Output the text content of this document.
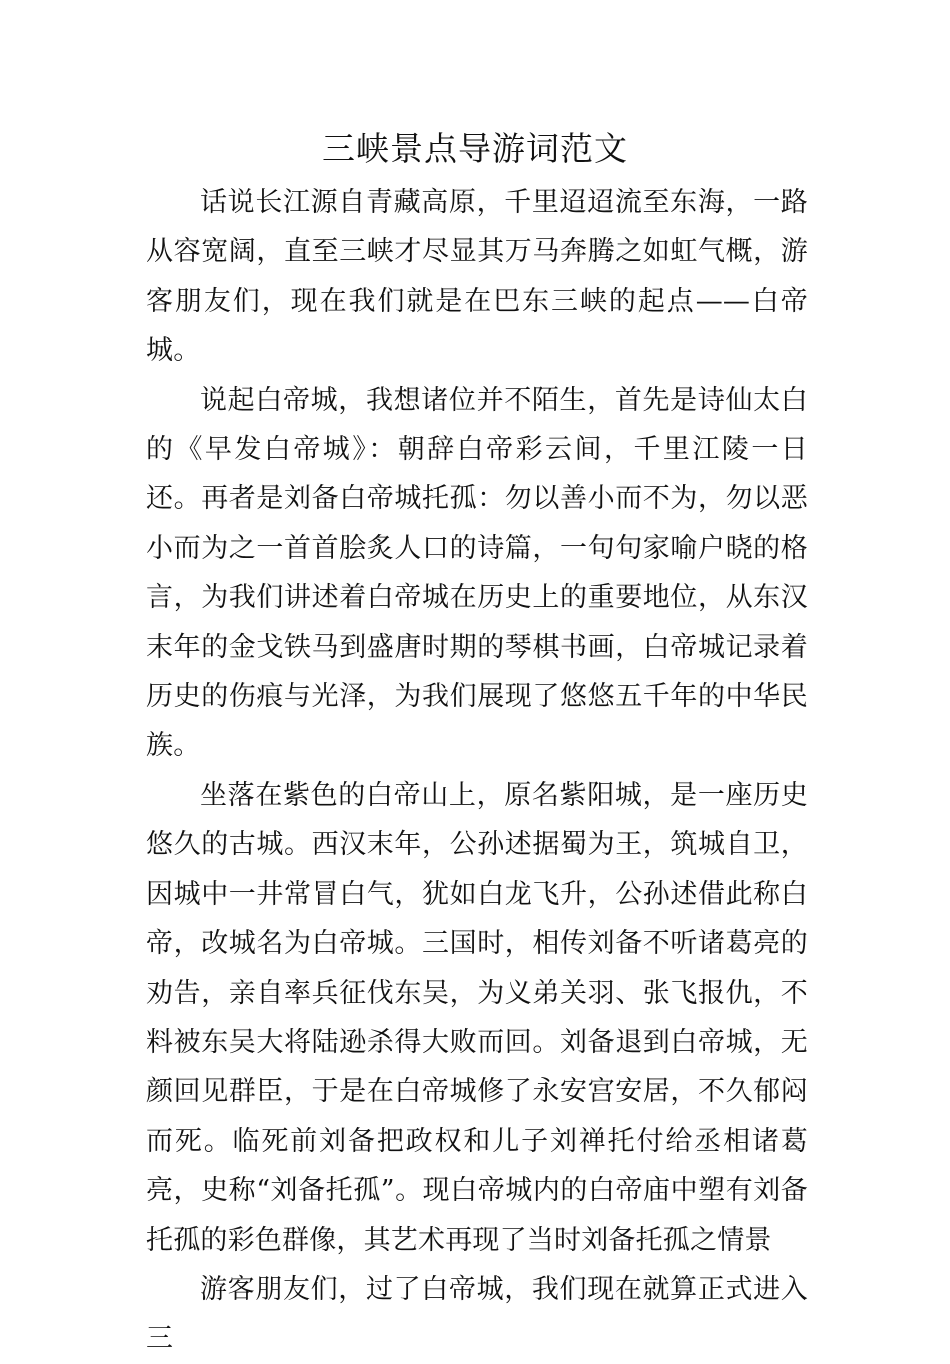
三峡景点导游词范文

话说长江源自青藏高原，千里迢迢流至东海，一路从容宽阔，直至三峡才尽显其万马奔腾之如虹气概，游客朋友们，现在我们就是在巴东三峡的起点——白帝城。

说起白帝城，我想诸位并不陌生，首先是诗仙太白的《早发白帝城》：朝辞白帝彩云间，千里江陵一日还。再者是刘备白帝城托孤：勿以善小而不为，勿以恶小而为之一首首脍炙人口的诗篇，一句句家喻户晓的格言，为我们讲述着白帝城在历史上的重要地位，从东汉末年的金戈铁马到盛唐时期的琴棋书画，白帝城记录着历史的伤痕与光泽，为我们展现了悠悠五千年的中华民族。

坐落在紫色的白帝山上，原名紫阳城，是一座历史悠久的古城。西汉末年，公孙述据蜀为王，筑城自卫，因城中一井常冒白气，犹如白龙飞升，公孙述借此称白帝，改城名为白帝城。三国时，相传刘备不听诸葛亮的劝告，亲自率兵征伐东吴，为义弟关羽、张飞报仇，不料被东吴大将陆逊杀得大败而回。刘备退到白帝城，无颜回见群臣，于是在白帝城修了永安宫安居，不久郁闷而死。临死前刘备把政权和儿子刘禅托付给丞相诸葛亮，史称“刘备托孤”。现白帝城内的白帝庙中塑有刘备托孤的彩色群像，其艺术再现了当时刘备托孤之情景

游客朋友们，过了白帝城，我们现在就算正式进入三
